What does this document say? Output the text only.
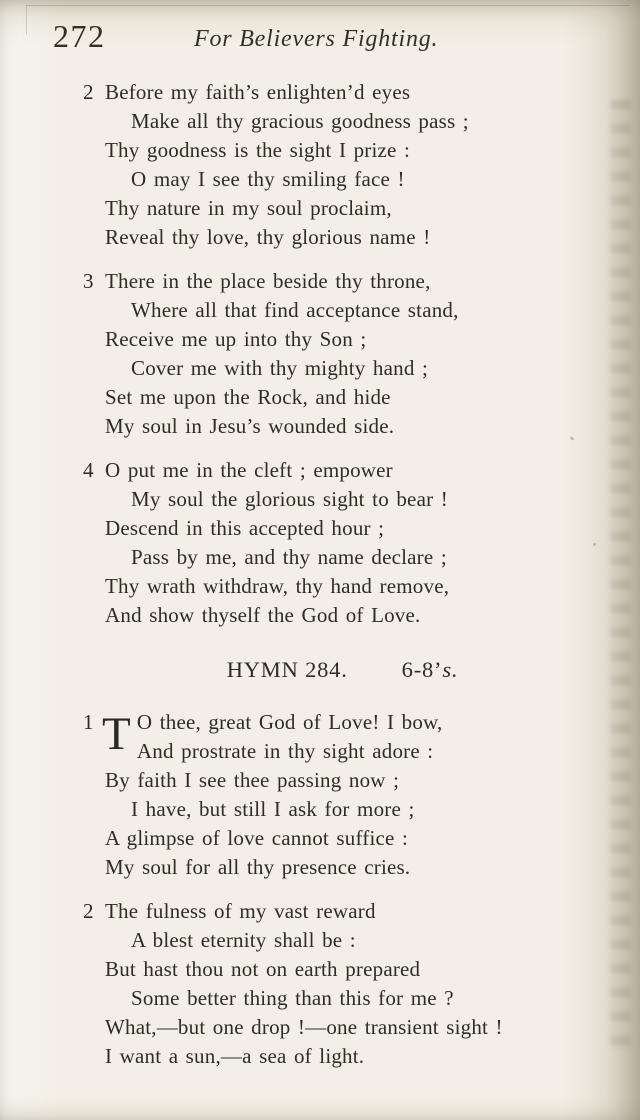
272	For Believers Fighting.
2 Before my faith’s enlighten’d eyes
Make all thy gracious goodness pass ;
Thy goodness is the sight I prize :
O may I see thy smiling face !
Thy nature in my soul proclaim,
Reveal thy love, thy glorious name !
3 There in the place beside thy throne,
Where all that find acceptance stand,
Receive me up into thy Son ;
Cover me with thy mighty hand ;
Set me upon the Rock, and hide
My soul in Jesu’s wounded side.
4 O put me in the cleft ; empower
My soul the glorious sight to bear !
Descend in this accepted hour ;
Pass by me, and thy name declare ;
Thy wrath withdraw, thy hand remove,
And show thyself the God of Love.
HYMN 284. 6-8’s.
1 T O thee, great God of Love! I bow,
And prostrate in thy sight adore :
By faith I see thee passing now ;
I have, but still I ask for more ;
A glimpse of love cannot suffice :
My soul for all thy presence cries.
2 The fulness of my vast reward
A blest eternity shall be :
But hast thou not on earth prepared
Some better thing than this for me ?
What,—but one drop !—one transient sight !
I want a sun,—a sea of light.
